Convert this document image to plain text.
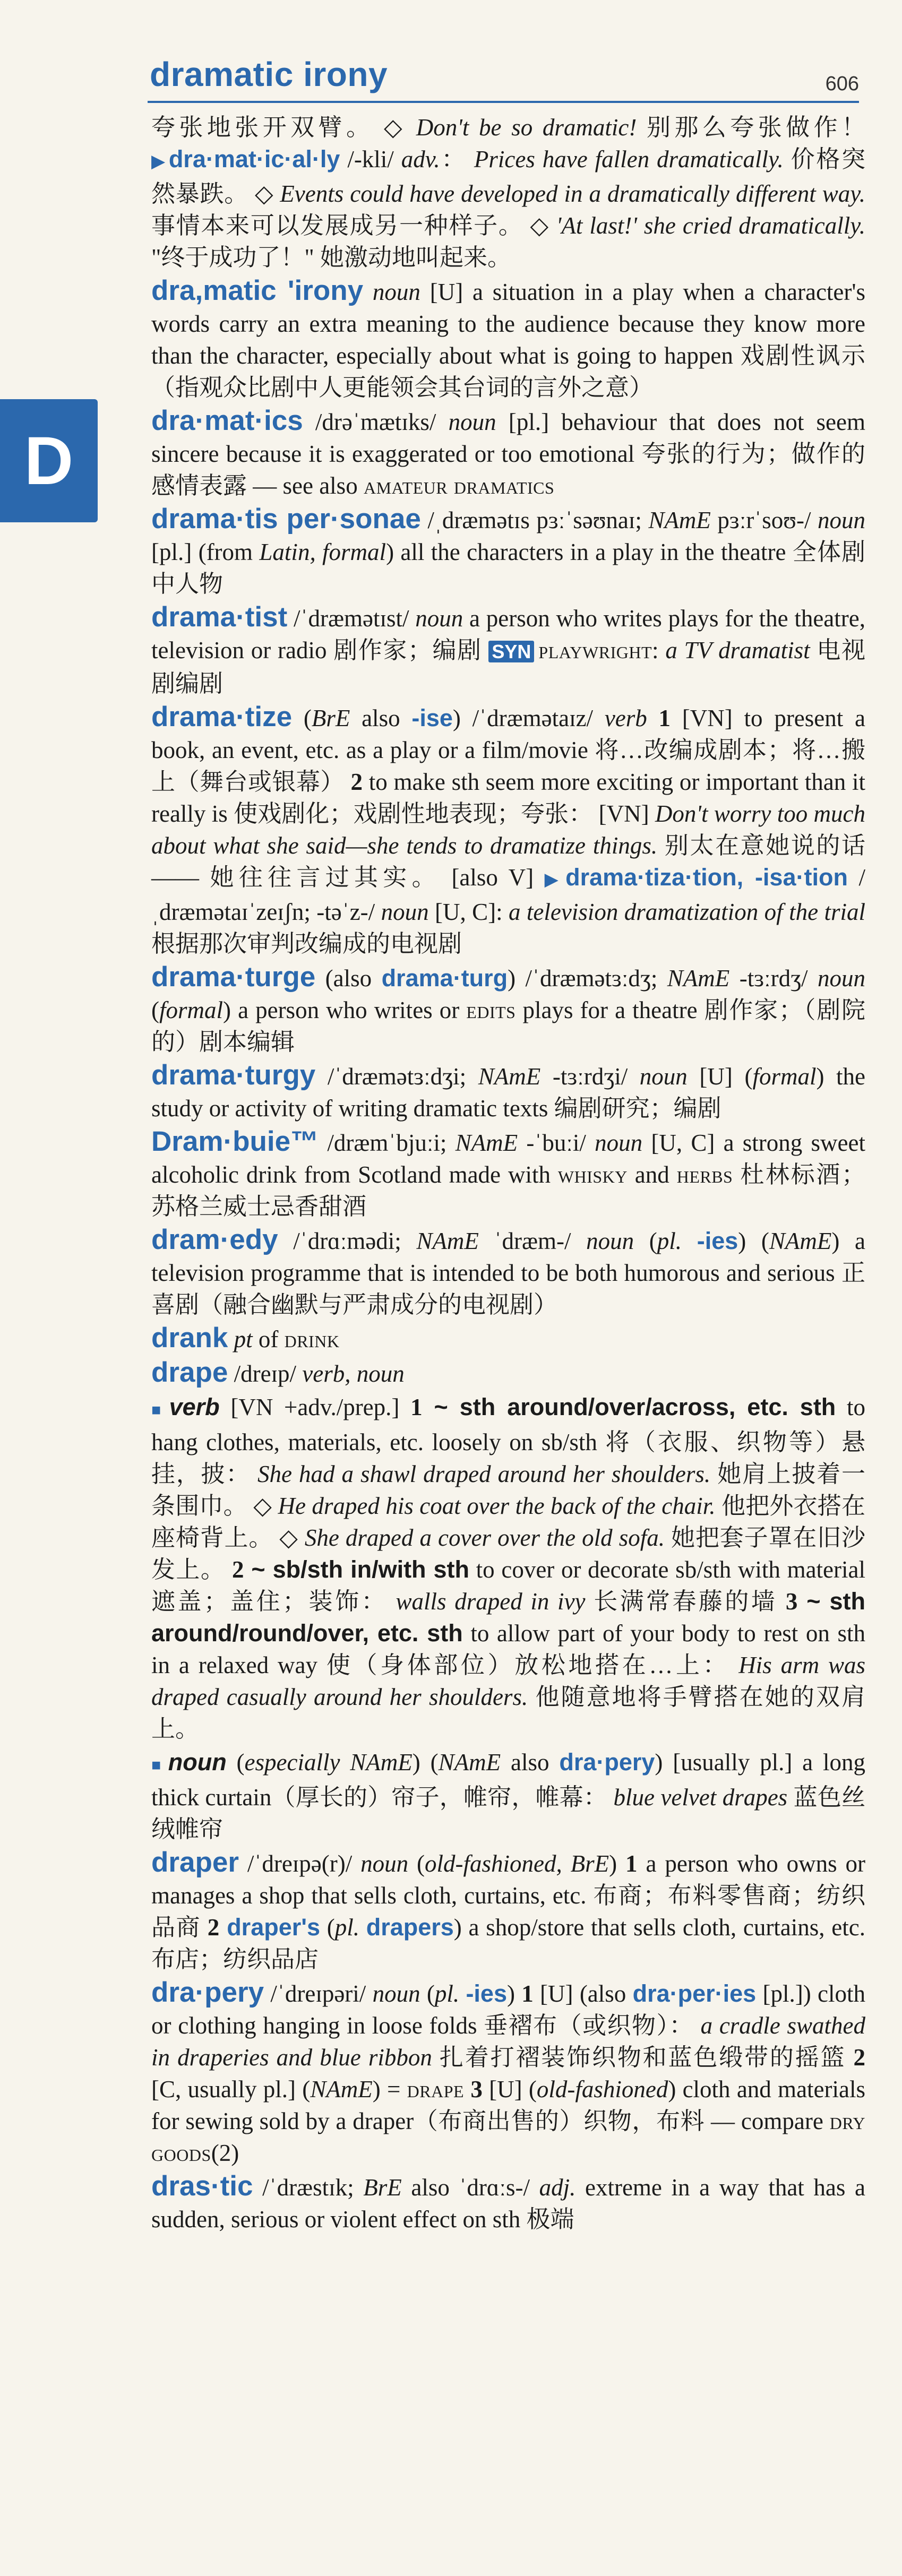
dramatic irony	606
D
夸张地张开双臂。 ◇ Don't be so dramatic! 别那么夸张做作！ ▶dra·mat·ic·al·ly /-kli/ adv.： Prices have fallen dramatically. 价格突然暴跌。 ◇ Events could have developed in a dramatically different way. 事情本来可以发展成另一种样子。 ◇ 'At last!' she cried dramatically. "终于成功了！" 她激动地叫起来。
dra,matic 'irony noun [U] a situation in a play when a character's words carry an extra meaning to the audience because they know more than the character, especially about what is going to happen 戏剧性讽示（指观众比剧中人更能领会其台词的言外之意）
dra·mat·ics /drəˈmætɪks/ noun [pl.] behaviour that does not seem sincere because it is exaggerated or too emotional 夸张的行为；做作的感情表露 — see also amateur dramatics
drama·tis per·sonae /ˌdræmətɪs pɜːˈsəʊnaɪ; NAmE pɜːrˈsoʊ-/ noun [pl.] (from Latin, formal) all the characters in a play in the theatre 全体剧中人物
drama·tist /ˈdræmətɪst/ noun a person who writes plays for the theatre, television or radio 剧作家；编剧 SYN playwright: a TV dramatist 电视剧编剧
drama·tize (BrE also -ise) /ˈdræmətaɪz/ verb 1 [VN] to present a book, an event, etc. as a play or a film/movie 将…改编成剧本；将…搬上（舞台或银幕） 2 to make sth seem more exciting or important than it really is 使戏剧化；戏剧性地表现；夸张： [VN] Don't worry too much about what she said—she tends to dramatize things. 别太在意她说的话 —— 她往往言过其实。 [also V] ▶drama·tiza·tion, -isa·tion /ˌdræmətaɪˈzeɪʃn; -təˈz-/ noun [U, C]: a television dramatization of the trial 根据那次审判改编成的电视剧
drama·turge (also drama·turg) /ˈdræmətɜːdʒ; NAmE -tɜːrdʒ/ noun (formal) a person who writes or edits plays for a theatre 剧作家；（剧院的）剧本编辑
drama·turgy /ˈdræmətɜːdʒi; NAmE -tɜːrdʒi/ noun [U] (formal) the study or activity of writing dramatic texts 编剧研究；编剧
Dram·buie™ /dræmˈbjuːi; NAmE -ˈbuːi/ noun [U, C] a strong sweet alcoholic drink from Scotland made with whisky and herbs 杜林标酒；苏格兰威士忌香甜酒
dram·edy /ˈdrɑːmədi; NAmE ˈdræm-/ noun (pl. -ies) (NAmE) a television programme that is intended to be both humorous and serious 正喜剧（融合幽默与严肃成分的电视剧）
drank pt of drink
drape /dreɪp/ verb, noun
■ verb [VN +adv./prep.] 1 ~ sth around/over/across, etc. sth to hang clothes, materials, etc. loosely on sb/sth 将（衣服、织物等）悬挂，披： She had a shawl draped around her shoulders. 她肩上披着一条围巾。 ◇ He draped his coat over the back of the chair. 他把外衣搭在座椅背上。 ◇ She draped a cover over the old sofa. 她把套子罩在旧沙发上。 2 ~ sb/sth in/with sth to cover or decorate sb/sth with material 遮盖；盖住；装饰： walls draped in ivy 长满常春藤的墙 3 ~ sth around/round/over, etc. sth to allow part of your body to rest on sth in a relaxed way 使（身体部位）放松地搭在…上： His arm was draped casually around her shoulders. 他随意地将手臂搭在她的双肩上。
■ noun (especially NAmE) (NAmE also dra·pery) [usually pl.] a long thick curtain（厚长的）帘子，帷帘，帷幕： blue velvet drapes 蓝色丝绒帷帘
draper /ˈdreɪpə(r)/ noun (old-fashioned, BrE) 1 a person who owns or manages a shop that sells cloth, curtains, etc. 布商；布料零售商；纺织品商 2 draper's (pl. drapers) a shop/store that sells cloth, curtains, etc. 布店；纺织品店
dra·pery /ˈdreɪpəri/ noun (pl. -ies) 1 [U] (also dra·per·ies [pl.]) cloth or clothing hanging in loose folds 垂褶布（或织物）： a cradle swathed in draperies and blue ribbon 扎着打褶装饰织物和蓝色缎带的摇篮 2 [C, usually pl.] (NAmE) = drape 3 [U] (old-fashioned) cloth and materials for sewing sold by a draper（布商出售的）织物，布料 — compare dry goods(2)
dras·tic /ˈdræstɪk; BrE also ˈdrɑːs-/ adj. extreme in a way that has a sudden, serious or violent effect on sth 极端
